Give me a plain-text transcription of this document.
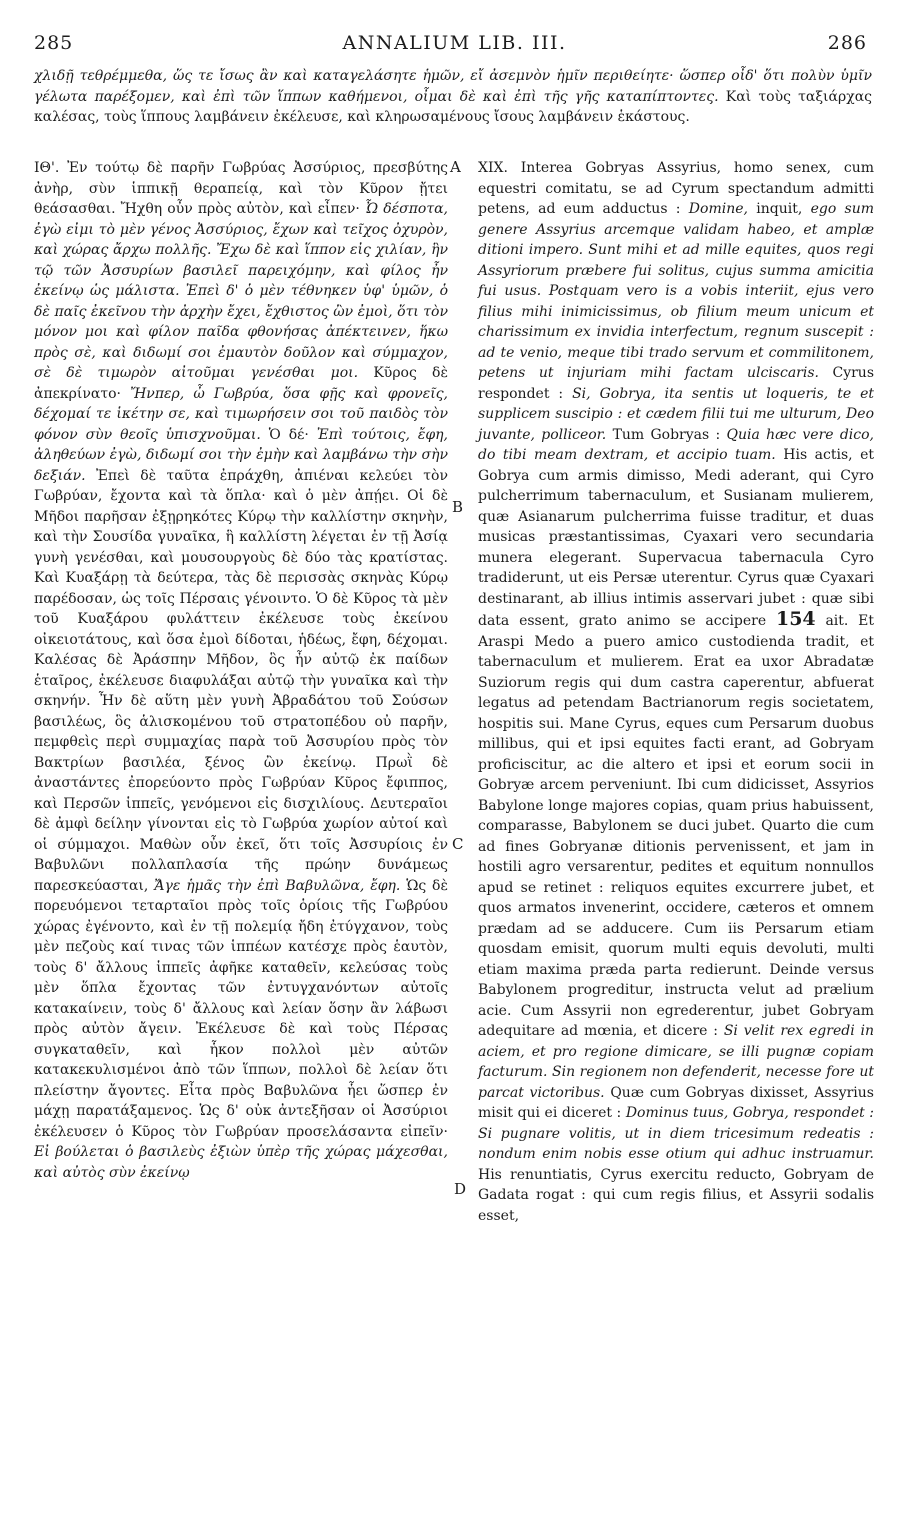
285	ANNALIUM LIB. III.	286
χλιδῇ τεθρέμμεθα, ὥς τε ἴσως ἂν καὶ καταγελάσητε ἡμῶν, εἴ ἀσεμνὸν ἡμῖν περιθείητε· ὥσπερ οἶδ' ὅτι πολὺν ὑμῖν γέλωτα παρέξομεν, καὶ ἐπὶ τῶν ἵππων καθήμενοι, οἶμαι δὲ καὶ ἐπὶ τῆς γῆς καταπίπτοντες. Καὶ τοὺς ταξιάρχας καλέσας, τοὺς ἵππους λαμβάνειν ἐκέλευσε, καὶ κληρωσαμένους ἴσους λαμβάνειν ἑκάστους.
A
B
C
D

ΙΘ'. Ἐν τούτῳ δὲ παρῆν Γωβρύας Ἀσσύριος, πρεσβύτης ἀνὴρ, σὺν ἱππικῇ θεραπείᾳ, καὶ τὸν Κῦρον ᾔτει θεάσασθαι. Ἤχθη οὖν πρὸς αὐτὸν, καὶ εἶπεν· Ὦ δέσποτα, ἐγὼ εἰμι τὸ μὲν γένος Ἀσσύριος, ἔχων καὶ τεῖχος ὀχυρὸν, καὶ χώρας ἄρχω πολλῆς. Ἔχω δὲ καὶ ἵππον εἰς χιλίαν, ἣν τῷ τῶν Ἀσσυρίων βασιλεῖ παρειχόμην, καὶ φίλος ἦν ἐκείνῳ ὡς μάλιστα. Ἐπεὶ δ' ὁ μὲν τέθνηκεν ὑφ' ὑμῶν, ὁ δὲ παῖς ἐκεῖνου τὴν ἀρχὴν ἔχει, ἔχθιστος ὢν ἐμοὶ, ὅτι τὸν μόνον μοι καὶ φίλον παῖδα φθονήσας ἀπέκτεινεν, ἥκω πρὸς σὲ, καὶ διδωμί σοι ἐμαυτὸν δοῦλον καὶ σύμμαχον, σὲ δὲ τιμωρὸν αἰτοῦμαι γενέσθαι μοι. Κῦρος δὲ ἀπεκρίνατο· Ἤνπερ, ὦ Γωβρύα, ὅσα φῇς καὶ φρονεῖς, δέχομαί τε ἱκέτην σε, καὶ τιμωρήσειν σοι τοῦ παιδὸς τὸν φόνον σὺν θεοῖς ὑπισχνοῦμαι. Ὁ δέ· Ἐπὶ τούτοις, ἔφη, ἀληθεύων ἐγὼ, διδωμί σοι τὴν ἐμὴν καὶ λαμβάνω τὴν σὴν δεξιάν. Ἐπεὶ δὲ ταῦτα ἐπράχθη, ἀπιέναι κελεύει τὸν Γωβρύαν, ἔχοντα καὶ τὰ ὅπλα· καὶ ὁ μὲν ἀπῄει. Οἱ δὲ Μῆδοι παρῆσαν ἐξῃρηκότες Κύρῳ τὴν καλλίστην σκηνὴν, καὶ τὴν Σουσίδα γυναῖκα, ἣ καλλίστη λέγεται ἐν τῇ Ἀσίᾳ γυνὴ γενέσθαι, καὶ μουσουργοὺς δὲ δύο τὰς κρατίστας. Καὶ Κυαξάρῃ τὰ δεύτερα, τὰς δὲ περισσὰς σκηνὰς Κύρῳ παρέδοσαν, ὡς τοῖς Πέρσαις γένοιντο. Ὁ δὲ Κῦρος τὰ μὲν τοῦ Κυαξάρου φυλάττειν ἐκέλευσε τοὺς ἐκείνου οἰκειοτάτους, καὶ ὅσα ἐμοὶ δίδοται, ἡδέως, ἔφη, δέχομαι. Καλέσας δὲ Ἀράσπην Μῆδον, ὃς ἦν αὐτῷ ἐκ παίδων ἑταῖρος, ἐκέλευσε διαφυλάξαι αὐτῷ τὴν γυναῖκα καὶ τὴν σκηνήν. Ἦν δὲ αὕτη μὲν γυνὴ Ἀβραδάτου τοῦ Σούσων βασιλέως, ὃς ἁλισκομένου τοῦ στρατοπέδου οὐ παρῆν, πεμφθεὶς περὶ συμμαχίας παρὰ τοῦ Ἀσσυρίου πρὸς τὸν Βακτρίων βασιλέα, ξένος ὢν ἐκείνῳ. Πρωῒ δὲ ἀναστάντες ἐπορεύοντο πρὸς Γωβρύαν Κῦρος ἔφιππος, καὶ Περσῶν ἱππεῖς, γενόμενοι εἰς δισχιλίους. Δευτεραῖοι δὲ ἀμφὶ δείλην γίνονται εἰς τὸ Γωβρύα χωρίον αὐτοί καὶ οἱ σύμμαχοι. Μαθὼν οὖν ἐκεῖ, ὅτι τοῖς Ἀσσυρίοις ἐν Βαβυλῶνι πολλαπλασία τῆς πρώην δυνάμεως παρεσκεύασται, Ἄγε ἡμᾶς τὴν ἐπὶ Βαβυλῶνα, ἔφη. Ὡς δὲ πορευόμενοι τεταρταῖοι πρὸς τοῖς ὁρίοις τῆς Γωβρύου χώρας ἐγένοντο, καὶ ἐν τῇ πολεμίᾳ ἤδη ἐτύγχανον, τοὺς μὲν πεζοὺς καί τινας τῶν ἱππέων κατέσχε πρὸς ἑαυτὸν, τοὺς δ' ἄλλους ἱππεῖς ἀφῆκε καταθεῖν, κελεύσας τοὺς μὲν ὅπλα ἔχοντας τῶν ἐντυγχανόντων αὐτοῖς κατακαίνειν, τοὺς δ' ἄλλους καὶ λείαν ὅσην ἂν λάβωσι πρὸς αὐτὸν ἄγειν. Ἐκέλευσε δὲ καὶ τοὺς Πέρσας συγκαταθεῖν, καὶ ἧκον πολλοὶ μὲν αὐτῶν κατακεκυλισμένοι ἀπὸ τῶν ἵππων, πολλοὶ δὲ λείαν ὅτι πλείστην ἄγοντες. Εἶτα πρὸς Βαβυλῶνα ἧει ὥσπερ ἐν μάχῃ παρατάξαμενος. Ὡς δ' οὐκ ἀντεξῆσαν οἱ Ἀσσύριοι ἐκέλευσεν ὁ Κῦρος τὸν Γωβρύαν προσελάσαντα εἰπεῖν· Εἰ βούλεται ὁ βασιλεὺς ἐξιὼν ὑπὲρ τῆς χώρας μάχεσθαι, καὶ αὐτὸς σὺν ἐκείνῳ

XIX. Interea Gobryas Assyrius, homo senex, cum equestri comitatu, se ad Cyrum spectandum admitti petens, ad eum adductus : Domine, inquit, ego sum genere Assyrius arcemque validam habeo, et amplæ ditioni impero. Sunt mihi et ad mille equites, quos regi Assyriorum præbere fui solitus, cujus summa amicitia fui usus. Postquam vero is a vobis interiit, ejus vero filius mihi inimicissimus, ob filium meum unicum et charissimum ex invidia interfectum, regnum suscepit : ad te venio, meque tibi trado servum et commilitonem, petens ut injuriam mihi factam ulciscaris. Cyrus respondet : Si, Gobrya, ita sentis ut loqueris, te et supplicem suscipio : et cædem filii tui me ulturum, Deo juvante, polliceor. Tum Gobryas : Quia hæc vere dico, do tibi meam dextram, et accipio tuam. His actis, et Gobrya cum armis dimisso, Medi aderant, qui Cyro pulcherrimum tabernaculum, et Susianam mulierem, quæ Asianarum pulcherrima fuisse traditur, et duas musicas præstantissimas, Cyaxari vero secundaria munera elegerant. Supervacua tabernacula Cyro tradiderunt, ut eis Persæ uterentur. Cyrus quæ Cyaxari destinarant, ab illius intimis asservari jubet : quæ sibi data essent, grato animo se accipere 154 ait. Et Araspi Medo a puero amico custodienda tradit, et tabernaculum et mulierem. Erat ea uxor Abradatæ Suziorum regis qui dum castra caperentur, abfuerat legatus ad petendam Bactrianorum regis societatem, hospitis sui. Mane Cyrus, eques cum Persarum duobus millibus, qui et ipsi equites facti erant, ad Gobryam proficiscitur, ac die altero et ipsi et eorum socii in Gobryæ arcem perveniunt. Ibi cum didicisset, Assyrios Babylone longe majores copias, quam prius habuissent, comparasse, Babylonem se duci jubet. Quarto die cum ad fines Gobryanæ ditionis pervenissent, et jam in hostili agro versarentur, pedites et equitum nonnullos apud se retinet : reliquos equites excurrere jubet, et quos armatos invenerint, occidere, cæteros et omnem prædam ad se adducere. Cum iis Persarum etiam quosdam emisit, quorum multi equis devoluti, multi etiam maxima præda parta redierunt. Deinde versus Babylonem progreditur, instructa velut ad prælium acie. Cum Assyrii non egrederentur, jubet Gobryam adequitare ad mœnia, et dicere : Si velit rex egredi in aciem, et pro regione dimicare, se illi pugnæ copiam facturum. Sin regionem non defenderit, necesse fore ut parcat victoribus. Quæ cum Gobryas dixisset, Assyrius misit qui ei diceret : Dominus tuus, Gobrya, respondet : Si pugnare volitis, ut in diem tricesimum redeatis : nondum enim nobis esse otium qui adhuc instruamur. His renuntiatis, Cyrus exercitu reducto, Gobryam de Gadata rogat : qui cum regis filius, et Assyrii sodalis esset,
